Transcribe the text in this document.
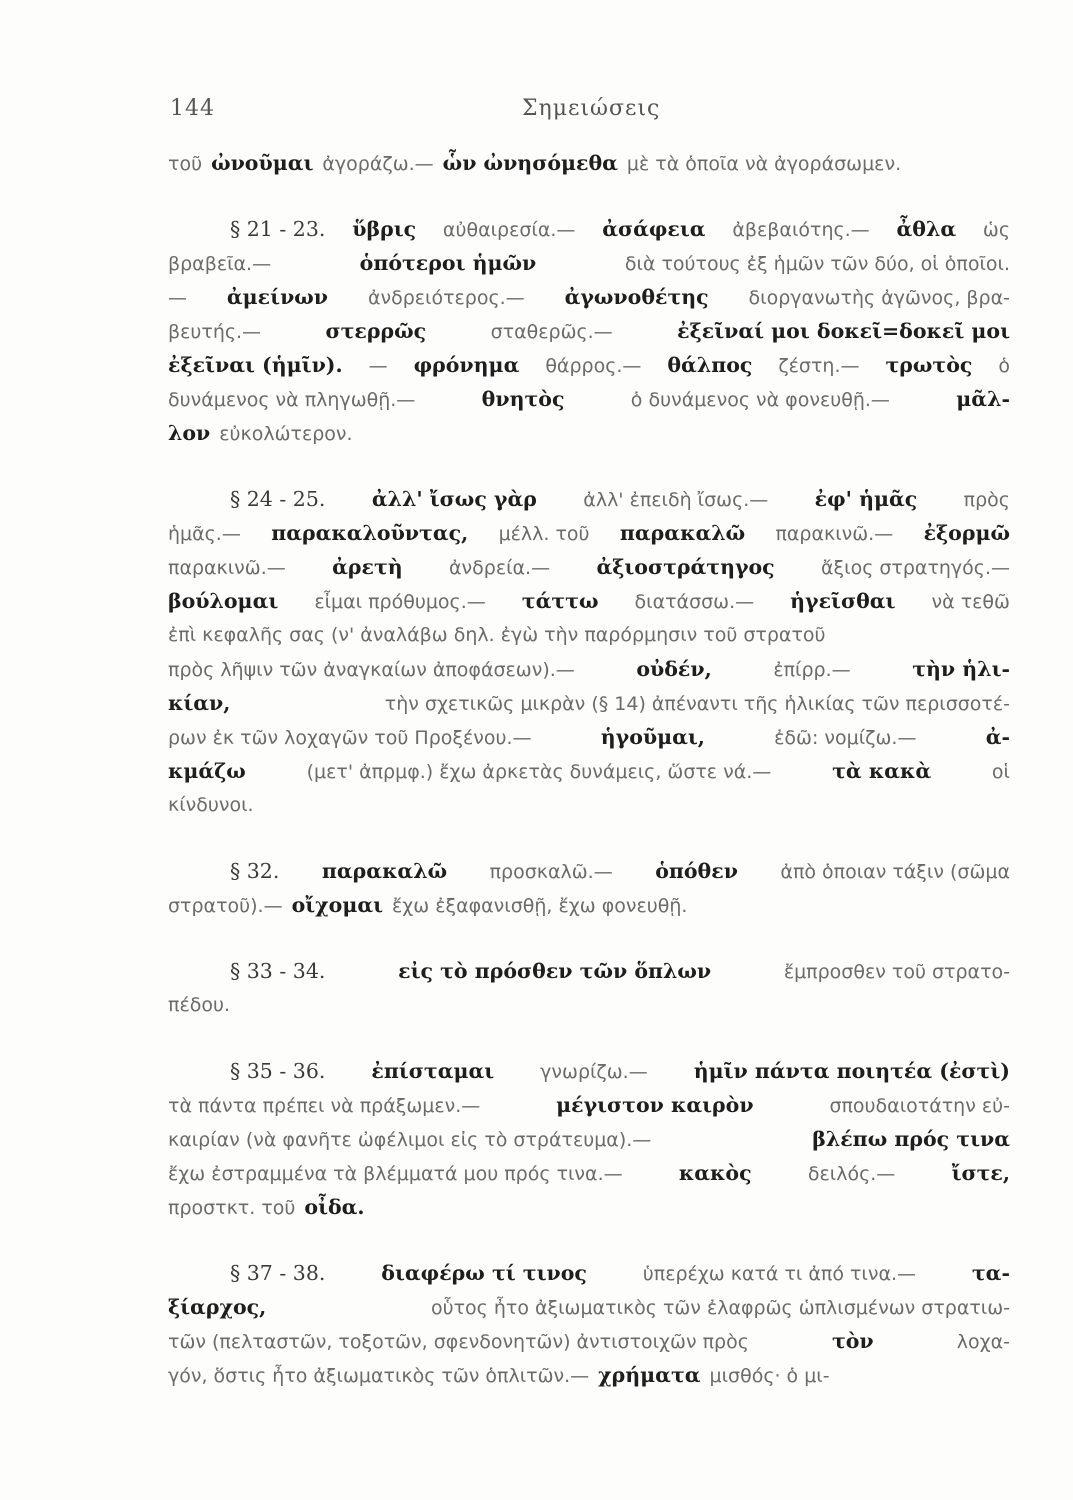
144	Σημειώσεις
τοῦ ὠνοῦμαι ἀγοράζω.— ὧν ὠνησόμεθα μὲ τὰ ὁποῖα νὰ ἀγοράσωμεν.
§ 21 - 23. ὕβρις αὐθαιρεσία.— ἀσάφεια ἀβεβαιότης.— ἆθλα ὡς
βραβεῖα.—	ὁπότεροι ἡμῶν	διὰ τούτους ἐξ ἡμῶν τῶν δύο, οἱ ὁποῖοι.
— ἀμείνων ἀνδρειότερος.— ἀγωνοθέτης διοργανωτὴς ἀγῶνος, βρα-
βευτής.—	στερρῶς	σταθερῶς.—	ἐξεῖναί μοι δοκεῖ=δοκεῖ μοι
ἐξεῖναι (ἡμῖν). — φρόνημα θάρρος.— θάλπος ζέστη.— τρωτὸς ὁ
δυνάμενος νὰ πληγωθῇ.—	θνητὸς	ὁ δυνάμενος νὰ φονευθῇ.—	μᾶλ-
λον εὐκολώτερον.
§ 24 - 25. ἀλλ' ἴσως γὰρ ἀλλ' ἐπειδὴ ἴσως.— ἐφ' ἡμᾶς πρὸς
ἡμᾶς.— παρακαλοῦντας, μέλλ. τοῦ παρακαλῶ παρακινῶ.— ἐξορμῶ
παρακινῶ.— ἀρετὴ ἀνδρεία.— ἀξιοστράτηγος ἄξιος στρατηγός.—
βούλομαι εἶμαι πρόθυμος.— τάττω διατάσσω.— ἡγεῖσθαι νὰ τεθῶ
ἐπὶ κεφαλῆς σας (ν' ἀναλάβω δηλ. ἐγὼ τὴν παρόρμησιν τοῦ στρατοῦ
πρὸς λῆψιν τῶν ἀναγκαίων ἀποφάσεων).—	οὐδέν,	ἐπίρρ.—	τὴν ἡλι-
κίαν,	τὴν σχετικῶς μικρὰν (§ 14) ἀπέναντι τῆς ἡλικίας τῶν περισσοτέ-
ρων ἐκ τῶν λοχαγῶν τοῦ Προξένου.—	ἡγοῦμαι,	ἐδῶ: νομίζω.—	ἀ-
κμάζω	(μετ' ἀπρμφ.) ἔχω ἀρκετὰς δυνάμεις, ὥστε νά.—	τὰ κακὰ	οἱ
κίνδυνοι.
§ 32. παρακαλῶ προσκαλῶ.— ὁπόθεν ἀπὸ ὁποιαν τάξιν (σῶμα
στρατοῦ).— οἴχομαι ἔχω ἐξαφανισθῇ, ἔχω φονευθῇ.
§ 33 - 34.	εἰς τὸ πρόσθεν τῶν ὅπλων	ἔμπροσθεν τοῦ στρατο-
πέδου.
§ 35 - 36. ἐπίσταμαι γνωρίζω.— ἡμῖν πάντα ποιητέα (ἐστὶ)
τὰ πάντα πρέπει νὰ πράξωμεν.—	μέγιστον καιρὸν	σπουδαιοτάτην εὐ-
καιρίαν (νὰ φανῆτε ὠφέλιμοι εἰς τὸ στράτευμα).—	βλέπω πρός τινα
ἔχω ἐστραμμένα τὰ βλέμματά μου πρός τινα.—	κακὸς	δειλός.—	ἴστε,
προστκτ. τοῦ οἶδα.
§ 37 - 38.	διαφέρω τί τινος	ὑπερέχω κατά τι ἀπό τινα.—	τα-
ξίαρχος,	οὗτος ἦτο ἀξιωματικὸς τῶν ἐλαφρῶς ὡπλισμένων στρατιω-
τῶν (πελταστῶν, τοξοτῶν, σφενδονητῶν) ἀντιστοιχῶν πρὸς	τὸν	λοχα-
γόν, ὅστις ἦτο ἀξιωματικὸς τῶν ὁπλιτῶν.— χρήματα μισθός· ὁ μι-
